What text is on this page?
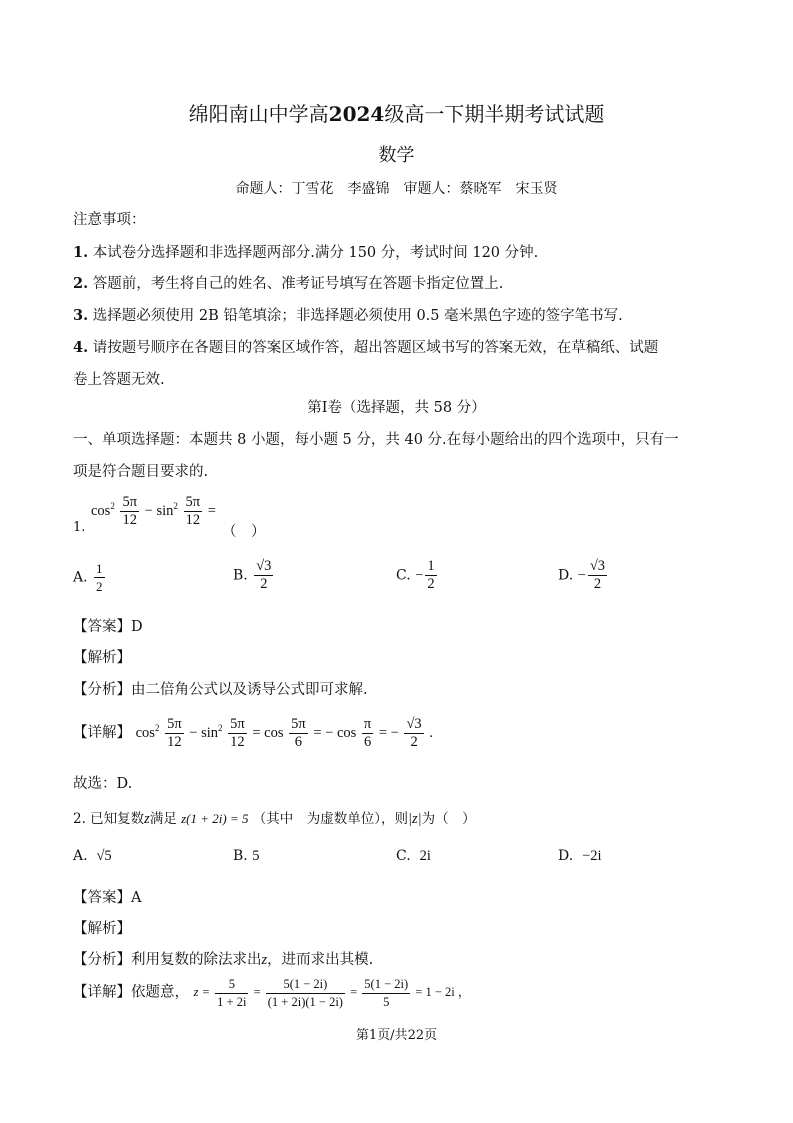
绵阳南山中学高2024级高一下期半期考试试题
数学
命题人：丁雪花　李盛锦　审题人：蔡晓军　宋玉贤
注意事项：
1. 本试卷分选择题和非选择题两部分.满分 150 分，考试时间 120 分钟.
2. 答题前，考生将自己的姓名、准考证号填写在答题卡指定位置上.
3. 选择题必须使用 2B 铅笔填涂；非选择题必须使用 0.5 毫米黑色字迹的签字笔书写.
4. 请按题号顺序在各题目的答案区域作答，超出答题区域书写的答案无效，在草稿纸、试题
卷上答题无效.
第Ⅰ卷（选择题，共 58 分）
一、单项选择题：本题共 8 小题，每小题 5 分，共 40 分.在每小题给出的四个选项中，只有一
项是符合题目要求的.
1.
$\cos^2 \frac{5\pi}{12} - \sin^2 \frac{5\pi}{12}$ =
（　）
A. $\frac{1}{2}$	B. $\frac{√3}{2}$	C. − $\frac{1}{2}$	D. − $\frac{√3}{2}$
【答案】D
【解析】
【分析】由二倍角公式以及诱导公式即可求解.
【详解】 $\cos^2 \frac{5\pi}{12} - \sin^2 \frac{5\pi}{12} = \cos \frac{5\pi}{6}$ = − $\cos \frac{\pi}{6}$ = − $\frac{√3}{2}$ .
故选：D.
2. 已知复数z满足 z(1 + 2i) = 5 （其中　为虚数单位），则|z|为（　）
A. √5	B. 5	C. 2i	D. −2i
【答案】A
【解析】
【分析】利用复数的除法求出z，进而求出其模.
【详解】依题意， $z = \frac{5}{1 + 2i} = \frac{5(1 - 2i)}{(1 + 2i)(1 - 2i)} = \frac{5(1 - 2i)}{5} = 1 - 2i$ ，
第1页/共22页
